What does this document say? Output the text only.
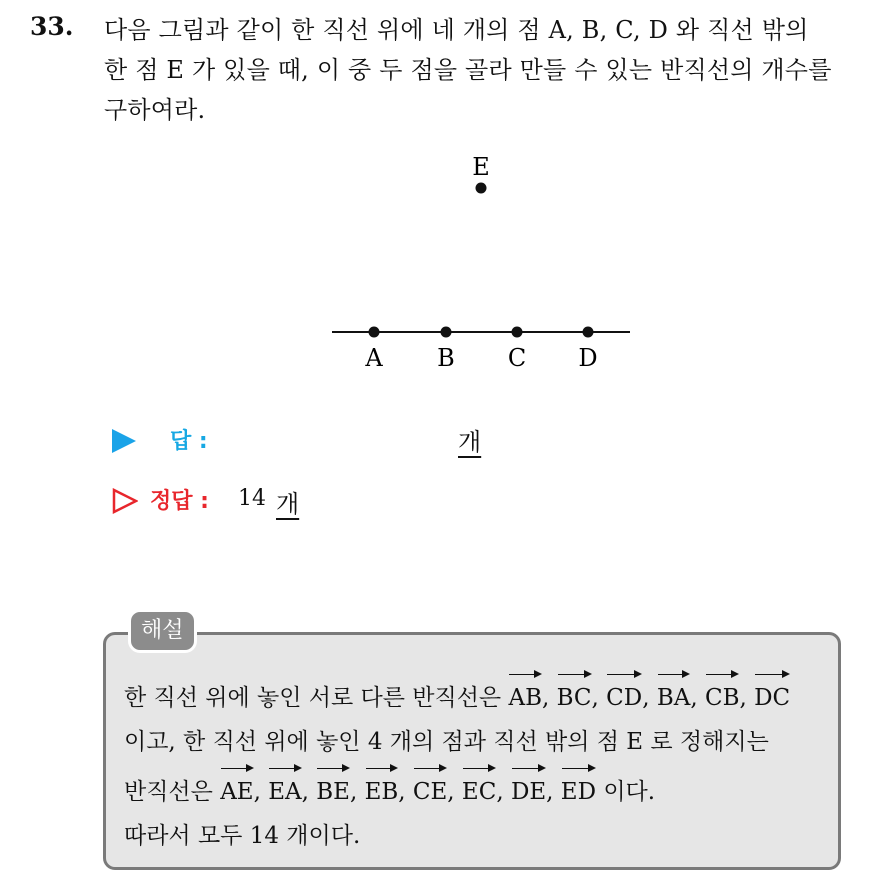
33. 다음 그림과 같이 한 직선 위에 네 개의 점 A, B, C, D 와 직선 밖의
한 점 E 가 있을 때, 이 중 두 점을 골라 만들 수 있는 반직선의 개수를
구하여라.
A B C D
E
답 :	개
정답 : 14 개
해설
한 직선 위에 놓인 서로 다른 반직선은 AB, BC, CD, BA, CB, DC
이고, 한 직선 위에 놓인 4 개의 점과 직선 밖의 점 E 로 정해지는
반직선은 AE, EA, BE, EB, CE, EC, DE, ED 이다.
따라서 모두 14 개이다.
